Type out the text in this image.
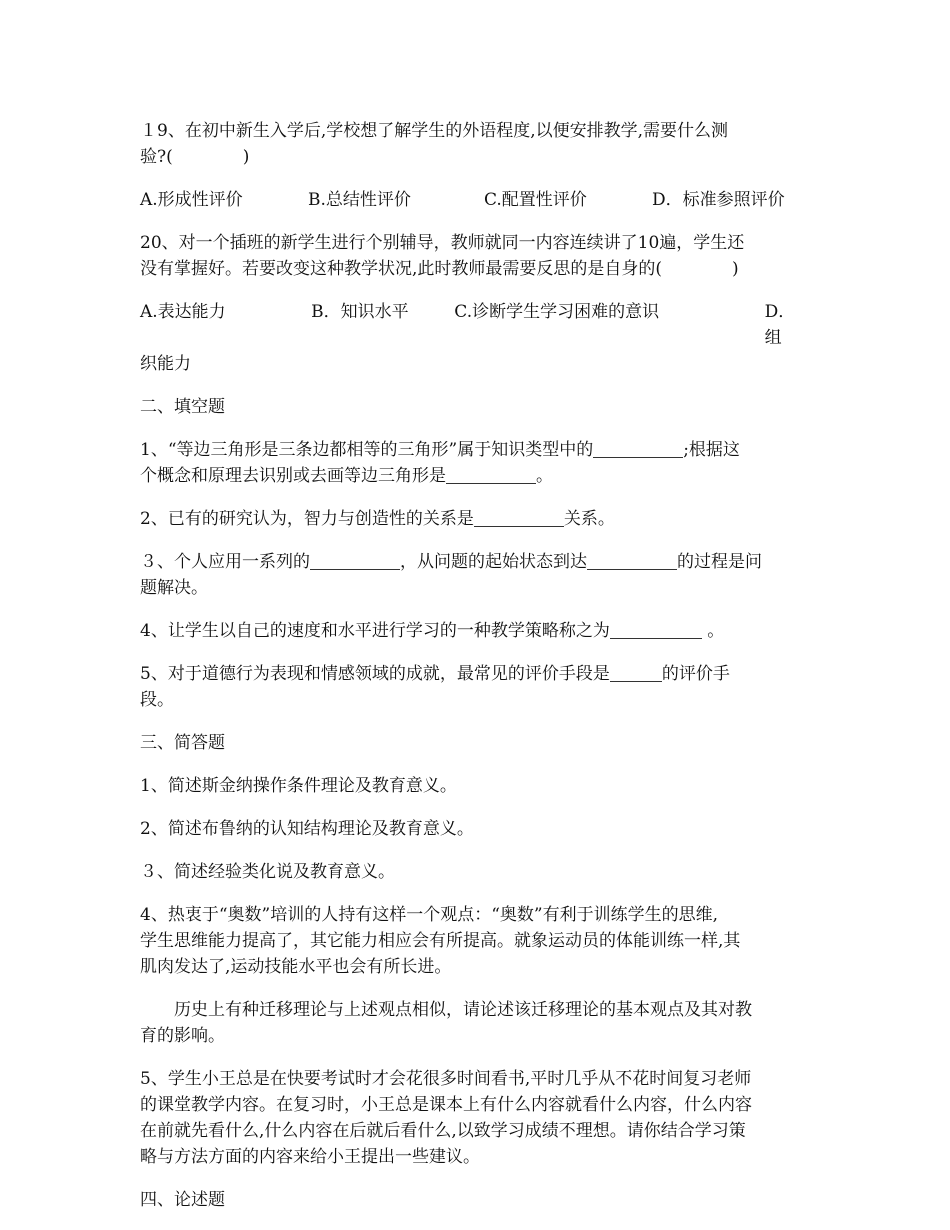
１9、在初中新生入学后,学校想了解学生的外语程度,以便安排教学,需要什么测
验?(	)
A.形成性评价	B.总结性评价	C.配置性评价	D．标准参照评价
20、对一个插班的新学生进行个别辅导，教师就同一内容连续讲了10遍，学生还
没有掌握好。若要改变这种教学状况,此时教师最需要反思的是自身的(	)
A.表达能力	B．知识水平	C.诊断学生学习困难的意识	D．组
织能力
二、填空题
1、“等边三角形是三条边都相等的三角形”属于知识类型中的	;根据这
个概念和原理去识别或去画等边三角形是	。
2、已有的研究认为，智力与创造性的关系是	关系。
３、个人应用一系列的	，从问题的起始状态到达	的过程是问
题解决。
4、让学生以自己的速度和水平进行学习的一种教学策略称之为	。
5、对于道德行为表现和情感领域的成就，最常见的评价手段是	的评价手
段。
三、简答题
1、简述斯金纳操作条件理论及教育意义。
2、简述布鲁纳的认知结构理论及教育意义。
３、简述经验类化说及教育意义。
4、热衷于“奥数”培训的人持有这样一个观点：“奥数”有利于训练学生的思维,
学生思维能力提高了，其它能力相应会有所提高。就象运动员的体能训练一样,其
肌肉发达了,运动技能水平也会有所长进。
历史上有种迁移理论与上述观点相似，请论述该迁移理论的基本观点及其对教
育的影响。
5、学生小王总是在快要考试时才会花很多时间看书,平时几乎从不花时间复习老师
的课堂教学内容。在复习时，小王总是课本上有什么内容就看什么内容，什么内容
在前就先看什么,什么内容在后就后看什么,以致学习成绩不理想。请你结合学习策
略与方法方面的内容来给小王提出一些建议。
四、论述题
